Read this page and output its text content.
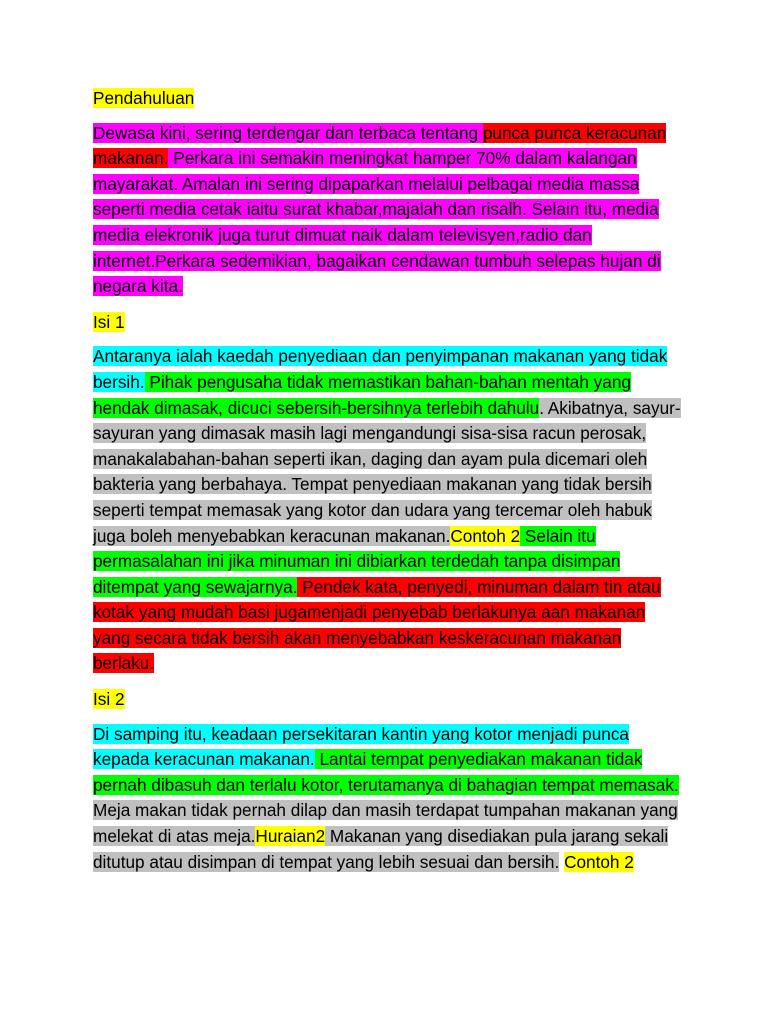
Pendahuluan

Dewasa kini, sering terdengar dan terbaca tentang punca punca keracunan makanan. Perkara ini semakin meningkat hamper 70% dalam kalangan mayarakat. Amalan ini sering dipaparkan melalui pelbagai media massa seperti media cetak iaitu surat khabar,majalah dan risalh. Selain itu, media media elekronik juga turut dimuat naik dalam televisyen,radio dan internet.Perkara sedemikian, bagaikan cendawan tumbuh selepas hujan di negara kita.

Isi 1

Antaranya ialah kaedah penyediaan dan penyimpanan makanan yang tidak bersih. Pihak pengusaha tidak memastikan bahan-bahan mentah yang hendak dimasak, dicuci sebersih-bersihnya terlebih dahulu. Akibatnya, sayur-sayuran yang dimasak masih lagi mengandungi sisa-sisa racun perosak, manakalabahan-bahan seperti ikan, daging dan ayam pula dicemari oleh bakteria yang berbahaya. Tempat penyediaan makanan yang tidak bersih seperti tempat memasak yang kotor dan udara yang tercemar oleh habuk juga boleh menyebabkan keracunan makanan.Contoh 2 Selain itu permasalahan ini jika minuman ini dibiarkan terdedah tanpa disimpan ditempat yang sewajarnya. Pendek kata, penyedi, minuman dalam tin atau kotak yang mudah basi jugamenjadi penyebab berlakunya aan makanan yang secara tidak bersih akan menyebabkan keskeracunan makanan berlaku.

Isi 2

Di samping itu, keadaan persekitaran kantin yang kotor menjadi punca kepada keracunan makanan. Lantai tempat penyediakan makanan tidak pernah dibasuh dan terlalu kotor, terutamanya di bahagian tempat memasak. Meja makan tidak pernah dilap dan masih terdapat tumpahan makanan yang melekat di atas meja.Huraian2 Makanan yang disediakan pula jarang sekali ditutup atau disimpan di tempat yang lebih sesuai dan bersih. Contoh 2
